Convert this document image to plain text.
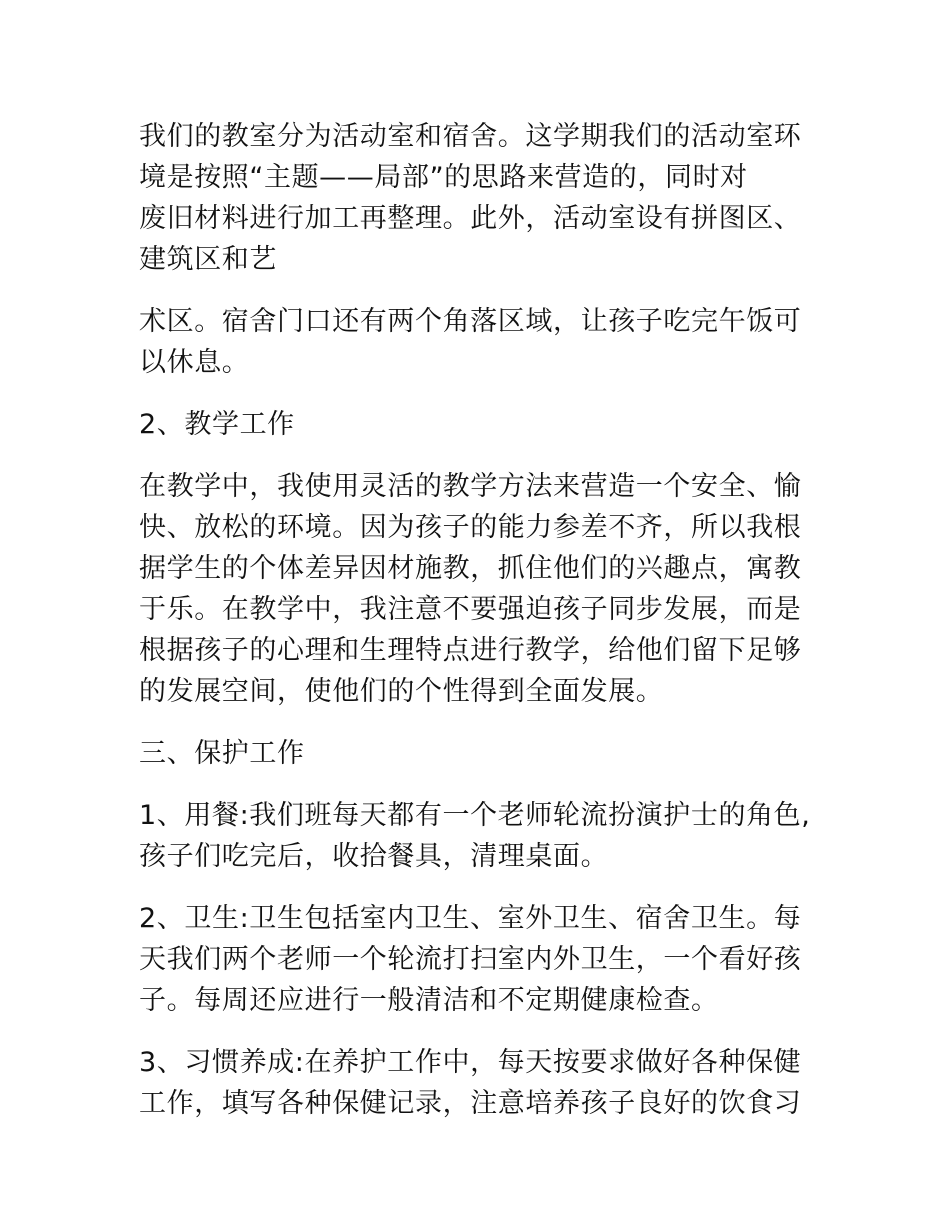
我们的教室分为活动室和宿舍。这学期我们的活动室环
境是按照“主题——局部”的思路来营造的，同时对
废旧材料进行加工再整理。此外，活动室设有拼图区、
建筑区和艺

术区。宿舍门口还有两个角落区域，让孩子吃完午饭可
以休息。

2、教学工作

在教学中，我使用灵活的教学方法来营造一个安全、愉
快、放松的环境。因为孩子的能力参差不齐，所以我根
据学生的个体差异因材施教，抓住他们的兴趣点，寓教
于乐。在教学中，我注意不要强迫孩子同步发展，而是
根据孩子的心理和生理特点进行教学，给他们留下足够
的发展空间，使他们的个性得到全面发展。

三、保护工作

1、用餐:我们班每天都有一个老师轮流扮演护士的角色,
孩子们吃完后，收拾餐具，清理桌面。

2、卫生:卫生包括室内卫生、室外卫生、宿舍卫生。每
天我们两个老师一个轮流打扫室内外卫生，一个看好孩
子。每周还应进行一般清洁和不定期健康检查。

3、习惯养成:在养护工作中，每天按要求做好各种保健
工作，填写各种保健记录，注意培养孩子良好的饮食习
